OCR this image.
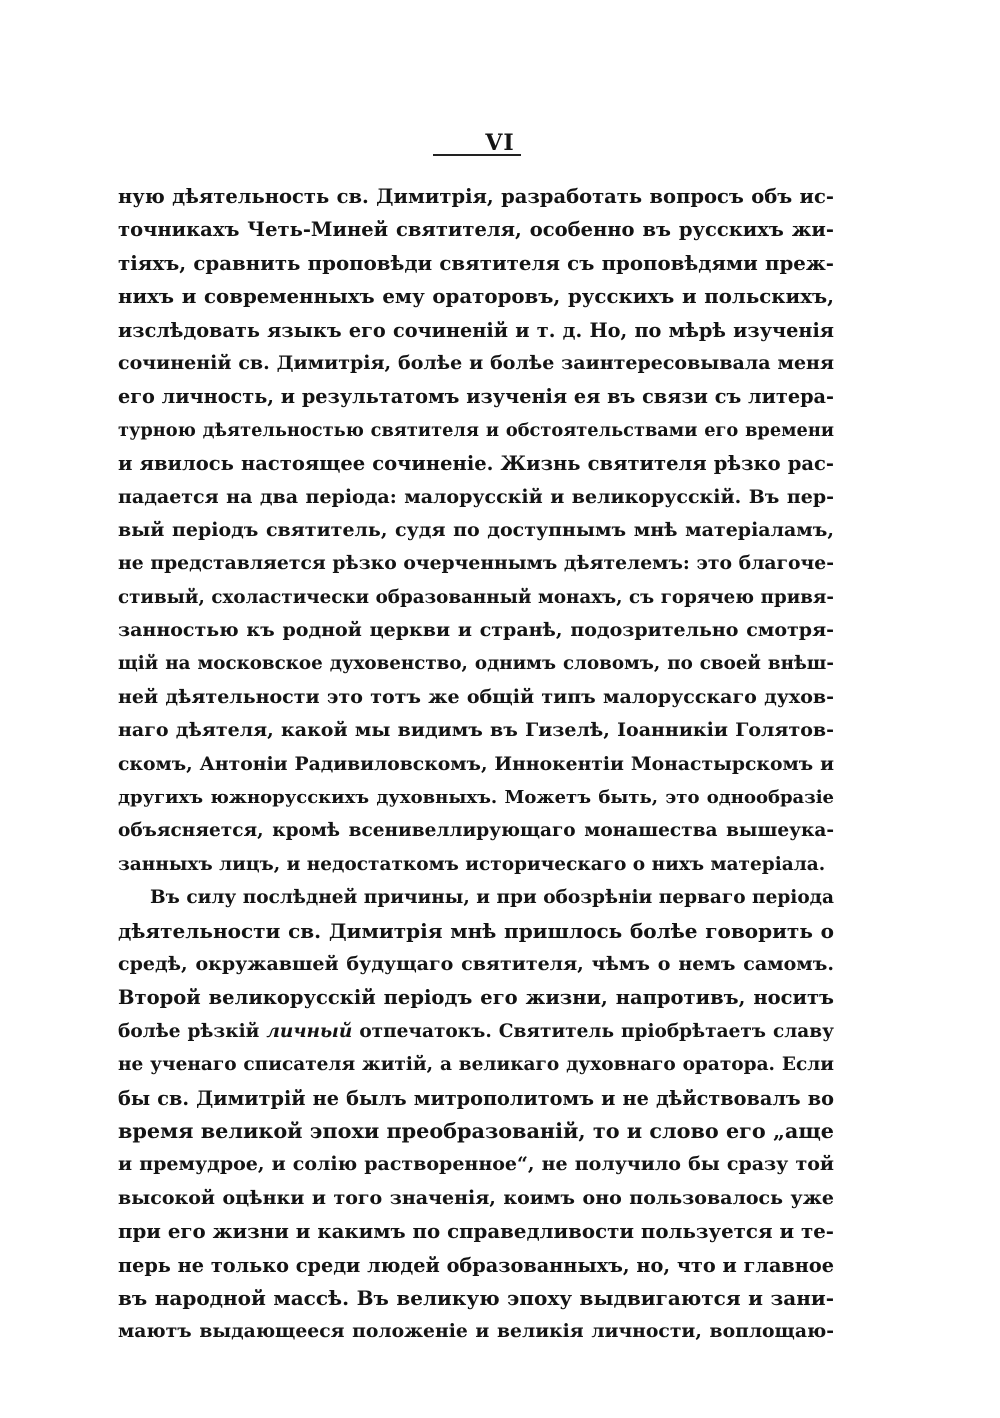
VI
ную дѣятельность св. Димитрія, разработать вопросъ объ ис-
точникахъ Четь-Миней святителя, особенно въ русскихъ жи-
тіяхъ, сравнить проповѣди святителя съ проповѣдями преж-
нихъ и современныхъ ему ораторовъ, русскихъ и польскихъ,
изслѣдовать языкъ его сочиненій и т. д. Но, по мѣрѣ изученія
сочиненій св. Димитрія, болѣе и болѣе заинтересовывала меня
его личность, и результатомъ изученія ея въ связи съ литера-
турною дѣятельностью святителя и обстоятельствами его времени
и явилось настоящее сочиненіе. Жизнь святителя рѣзко рас-
падается на два періода: малорусскій и великорусскій. Въ пер-
вый періодъ святитель, судя по доступнымъ мнѣ матеріаламъ,
не представляется рѣзко очерченнымъ дѣятелемъ: это благоче-
стивый, схоластически образованный монахъ, съ горячею привя-
занностью къ родной церкви и странѣ, подозрительно смотря-
щій на московское духовенство, однимъ словомъ, по своей внѣш-
ней дѣятельности это тотъ же общій типъ малорусскаго духов-
наго дѣятеля, какой мы видимъ въ Гизелѣ, Іоанникіи Голятов-
скомъ, Антоніи Радивиловскомъ, Иннокентіи Монастырскомъ и
другихъ южнорусскихъ духовныхъ. Можетъ быть, это однообразіе
объясняется, кромѣ всенивеллирующаго монашества вышеука-
занныхъ лицъ, и недостаткомъ историческаго о нихъ матеріала.
Въ силу послѣдней причины, и при обозрѣніи перваго періода
дѣятельности св. Димитрія мнѣ пришлось болѣе говорить о
средѣ, окружавшей будущаго святителя, чѣмъ о немъ самомъ.
Второй великорусскій періодъ его жизни, напротивъ, носитъ
болѣе рѣзкій личный отпечатокъ. Святитель пріобрѣтаетъ славу
не ученаго списателя житій, а великаго духовнаго оратора. Если
бы св. Димитрій не былъ митрополитомъ и не дѣйствовалъ во
время великой эпохи преобразованій, то и слово его „аще
и премудрое, и солію растворенное“, не получило бы сразу той
высокой оцѣнки и того значенія, коимъ оно пользовалось уже
при его жизни и какимъ по справедливости пользуется и те-
перь не только среди людей образованныхъ, но, что и главное
въ народной массѣ. Въ великую эпоху выдвигаются и зани-
маютъ выдающееся положеніе и великія личности, воплощаю-
